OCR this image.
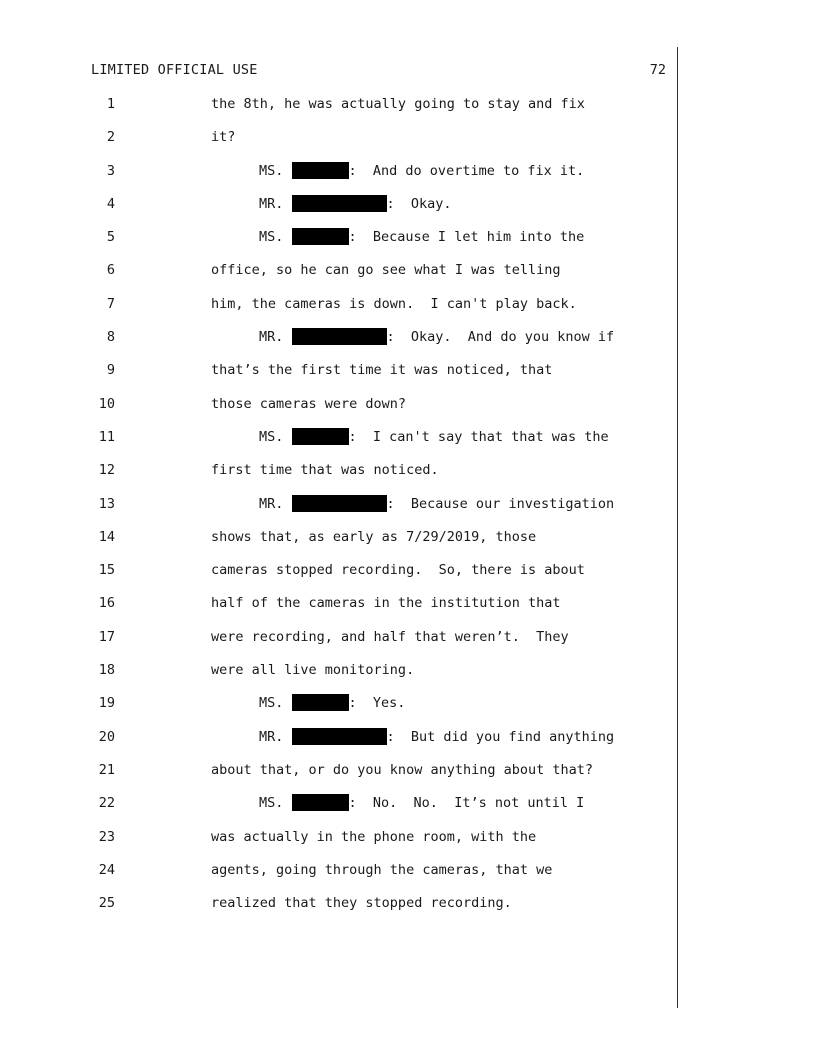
LIMITED OFFICIAL USE	72
1	the 8th, he was actually going to stay and fix
2	it?
3	MS.	:  And do overtime to fix it.
4	MR.	:  Okay.
5	MS.	:  Because I let him into the
6	office, so he can go see what I was telling
7	him, the cameras is down.  I can't play back.
8	MR.	:  Okay.  And do you know if
9	that’s the first time it was noticed, that
10	those cameras were down?
11	MS.	:  I can't say that that was the
12	first time that was noticed.
13	MR.	:  Because our investigation
14	shows that, as early as 7/29/2019, those
15	cameras stopped recording.  So, there is about
16	half of the cameras in the institution that
17	were recording, and half that weren’t.  They
18	were all live monitoring.
19	MS.	:  Yes.
20	MR.	:  But did you find anything
21	about that, or do you know anything about that?
22	MS.	:  No.  No.  It’s not until I
23	was actually in the phone room, with the
24	agents, going through the cameras, that we
25	realized that they stopped recording.
